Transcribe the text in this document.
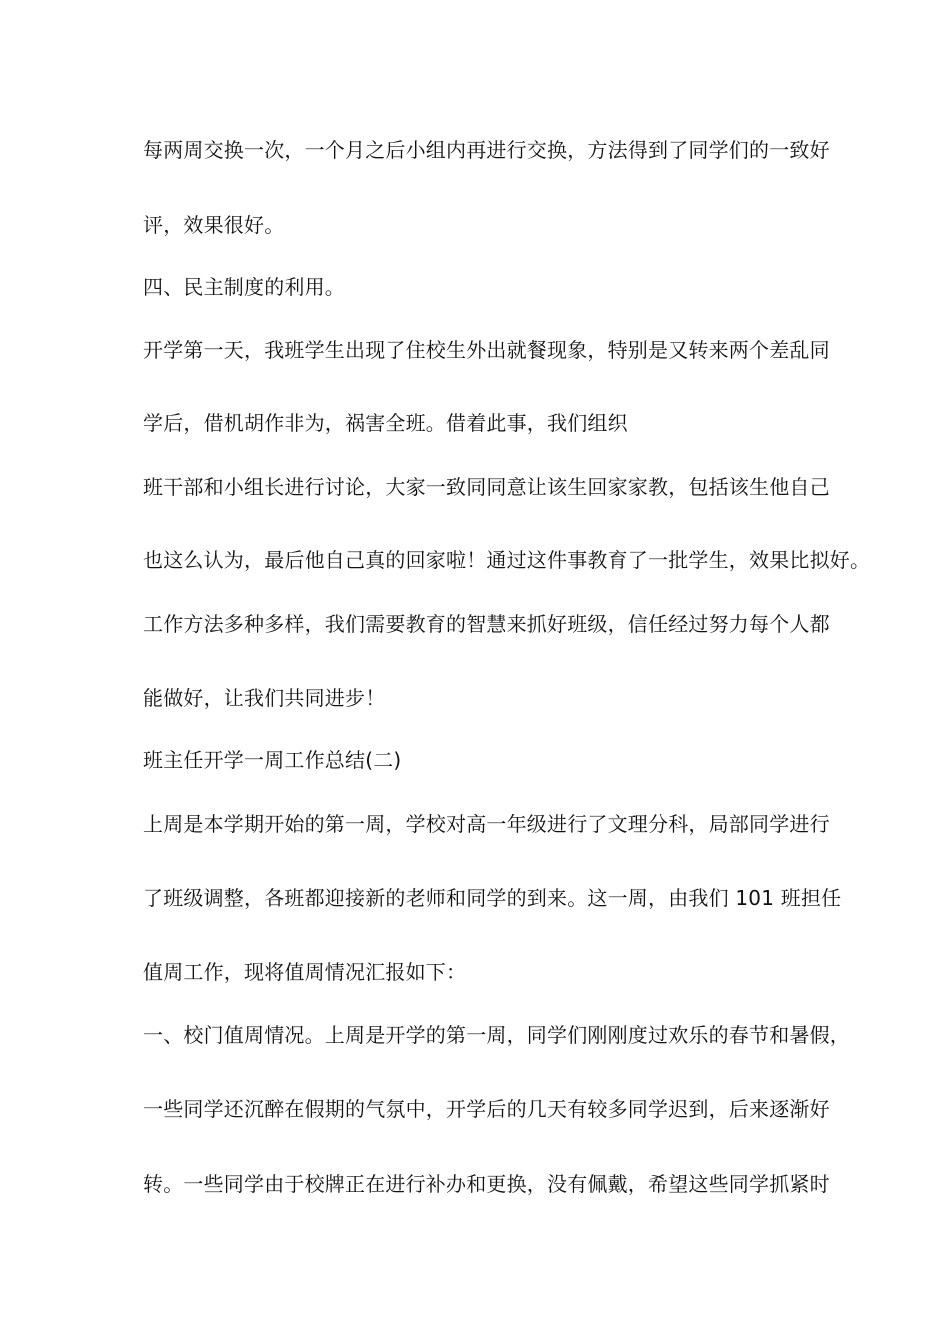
每两周交换一次，一个月之后小组内再进行交换，方法得到了同学们的一致好
评，效果很好。
四、民主制度的利用。
开学第一天，我班学生出现了住校生外出就餐现象，特别是又转来两个差乱同
学后，借机胡作非为，祸害全班。借着此事，我们组织
班干部和小组长进行讨论，大家一致同同意让该生回家家教，包括该生他自己
也这么认为，最后他自己真的回家啦！通过这件事教育了一批学生，效果比拟好。
工作方法多种多样，我们需要教育的智慧来抓好班级，信任经过努力每个人都
能做好，让我们共同进步！
班主任开学一周工作总结(二)
上周是本学期开始的第一周，学校对高一年级进行了文理分科，局部同学进行
了班级调整，各班都迎接新的老师和同学的到来。这一周，由我们 101 班担任
值周工作，现将值周情况汇报如下：
一、校门值周情况。上周是开学的第一周，同学们刚刚度过欢乐的春节和暑假，
一些同学还沉醉在假期的气氛中，开学后的几天有较多同学迟到，后来逐渐好
转。一些同学由于校牌正在进行补办和更换，没有佩戴，希望这些同学抓紧时
